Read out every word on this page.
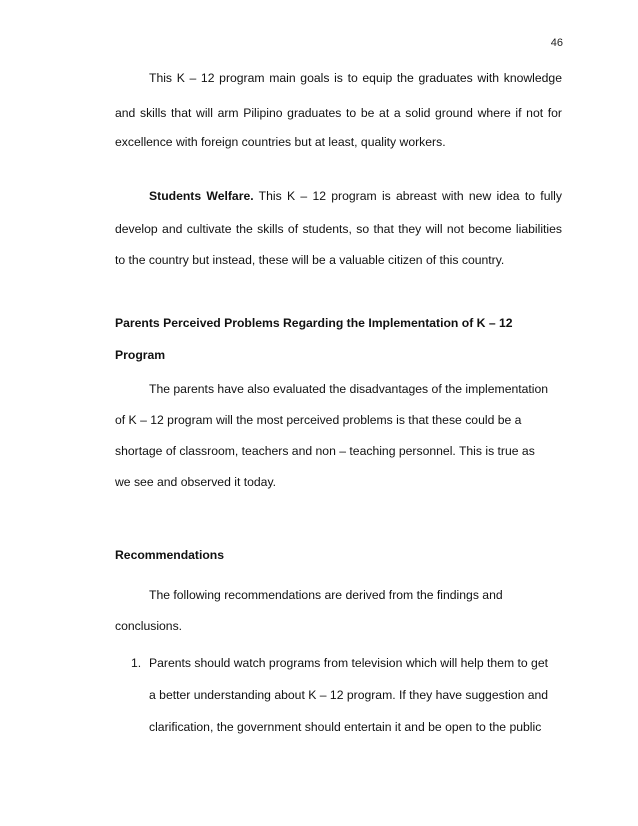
46
This K – 12 program main goals is to equip the graduates with knowledge
and skills that will arm Pilipino graduates to be at a solid ground where if not for
excellence with foreign countries but at least, quality workers.
Students Welfare. This K – 12 program is abreast with new idea to fully
develop and cultivate the skills of students, so that they will not become liabilities
to the country but instead, these will be a valuable citizen of this country.
Parents Perceived Problems Regarding the Implementation of K – 12
Program
The parents have also evaluated the disadvantages of the implementation
of K – 12 program will the most perceived problems is that these could be a
shortage of classroom, teachers and non – teaching personnel. This is true as
we see and observed it today.
Recommendations
The following recommendations are derived from the findings and
conclusions.
1. Parents should watch programs from television which will help them to get
a better understanding about K – 12 program. If they have suggestion and
clarification, the government should entertain it and be open to the public
